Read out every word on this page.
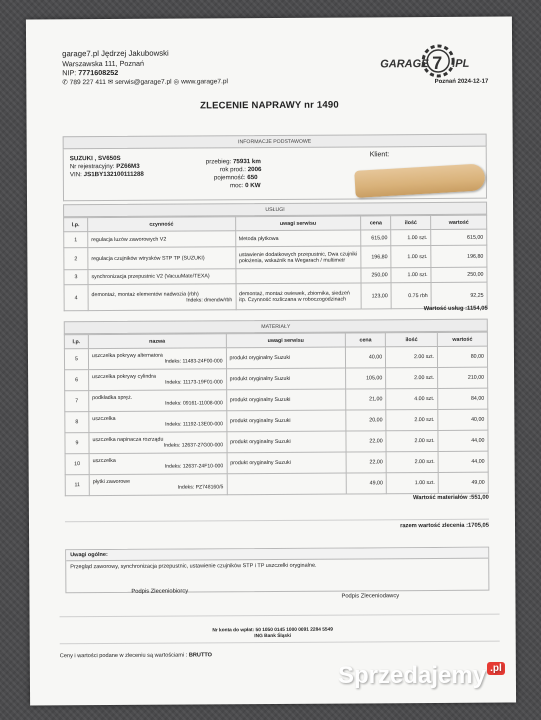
garage7.pl Jędrzej Jakubowski
Warszawska 111, Poznań
NIP: 7771608252
✆ 789 227 411 ✉ serwis@garage7.pl ◎ www.garage7.pl
GARAGE 7 .PL
Poznań 2024-12-17
ZLECENIE NAPRAWY nr 1490
INFORMACJE PODSTAWOWE
SUZUKI , SV650S
Nr rejestracyjny: PZ66M3
VIN: JS1BY132100111288
przebieg: 75931 km
rok prod.: 2006
pojemność: 650
moc: 0 KW
Klient:
USŁUGI
l.p.	czynność	uwagi serwisu	cena	ilość	wartość
1	regulacja luzów zaworowych V2	Metoda płytkowa	615,00	1.00 szt.	615,00
2	regulacja czujników wtrysków STP TP (SUZUKI)	ustawienie dodatkowych przepustnic, Dwa czujniki położenia, wskaźnik na Wegarach / multimetr	196,80	1.00 szt.	196,80
3	synchronizacja przepustnic V2 (VacuuMate/TEXA)		250,00	1.00 szt.	250,00
4	demontaż, montaż elementów nadwozia (rbh)
Indeks: dmendw/rbh	demontaż, montaż owiewek, zbiornika, siedzeń itp. Czynność rozliczana w roboczogodzinach	123,00	0.75 rbh	92,25
Wartość usług :1154,05
MATERIAŁY
l.p.	nazwa	uwagi serwisu	cena	ilość	wartość
5	uszczelka pokrywy alternatora
Indeks: 11483-24F00-000	produkt oryginalny Suzuki	40,00	2.00 szt.	80,00
6	uszczelka pokrywy cylindra
Indeks: 11173-19F01-000	produkt oryginalny Suzuki	105,00	2.00 szt.	210,00
7	podkładka spręż.
Indeks: 09161-11008-000	produkt oryginalny Suzuki	21,00	4.00 szt.	84,00
8	uszczelka
Indeks: 11192-13E00-000	produkt oryginalny Suzuki	20,00	2.00 szt.	40,00
9	uszczelka napinacza rozrządu
Indeks: 12637-27G00-000	produkt oryginalny Suzuki	22,00	2.00 szt.	44,00
10	uszczelka
Indeks: 12637-24F10-000	produkt oryginalny Suzuki	22,00	2.00 szt.	44,00
11	płytki zaworowe
Indeks: PZ748160/5		49,00	1.00 szt.	49,00
Wartość materiałów :551,00
razem wartość zlecenia :1705,05
Uwagi ogólne:
Przegląd zaworowy, synchronizacja przepustnic, ustawienie czujników STP i TP uszczelki oryginalne.
Podpis Zleceniobiorcy
Podpis Zleceniodawcy
Nr konta do wpłat: 50 1050 0145 1000 0091 2284 5549
ING Bank Śląski
Ceny i wartości podane w zleceniu są wartościami : BRUTTO
Sprzedajemy .pl
